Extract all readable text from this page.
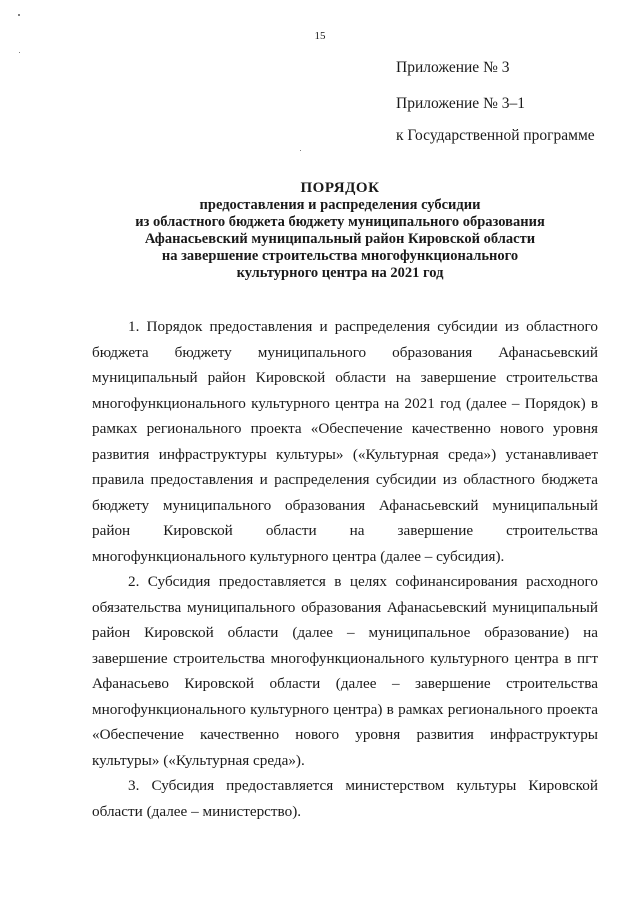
15
Приложение № 3
Приложение № 3–1
к Государственной программе
ПОРЯДОК
предоставления и распределения субсидии
из областного бюджета бюджету муниципального образования
Афанасьевский муниципальный район Кировской области
на завершение строительства многофункционального
культурного центра на 2021 год

1. Порядок предоставления и распределения субсидии из областного бюджета бюджету муниципального образования Афанасьевский муниципальный район Кировской области на завершение строительства многофункционального культурного центра на 2021 год (далее – Порядок) в рамках регионального проекта «Обеспечение качественно нового уровня развития инфраструктуры культуры» («Культурная среда») устанавливает правила предоставления и распределения субсидии из областного бюджета бюджету муниципального образования Афанасьевский муниципальный район Кировской области на завершение строительства многофункционального культурного центра (далее – субсидия).

2. Субсидия предоставляется в целях софинансирования расходного обязательства муниципального образования Афанасьевский муниципальный район Кировской области (далее – муниципальное образование) на завершение строительства многофункционального культурного центра в пгт Афанасьево Кировской области (далее – завершение строительства многофункционального культурного центра) в рамках регионального проекта «Обеспечение качественно нового уровня развития инфраструктуры культуры» («Культурная среда»).

3. Субсидия предоставляется министерством культуры Кировской области (далее – министерство).
